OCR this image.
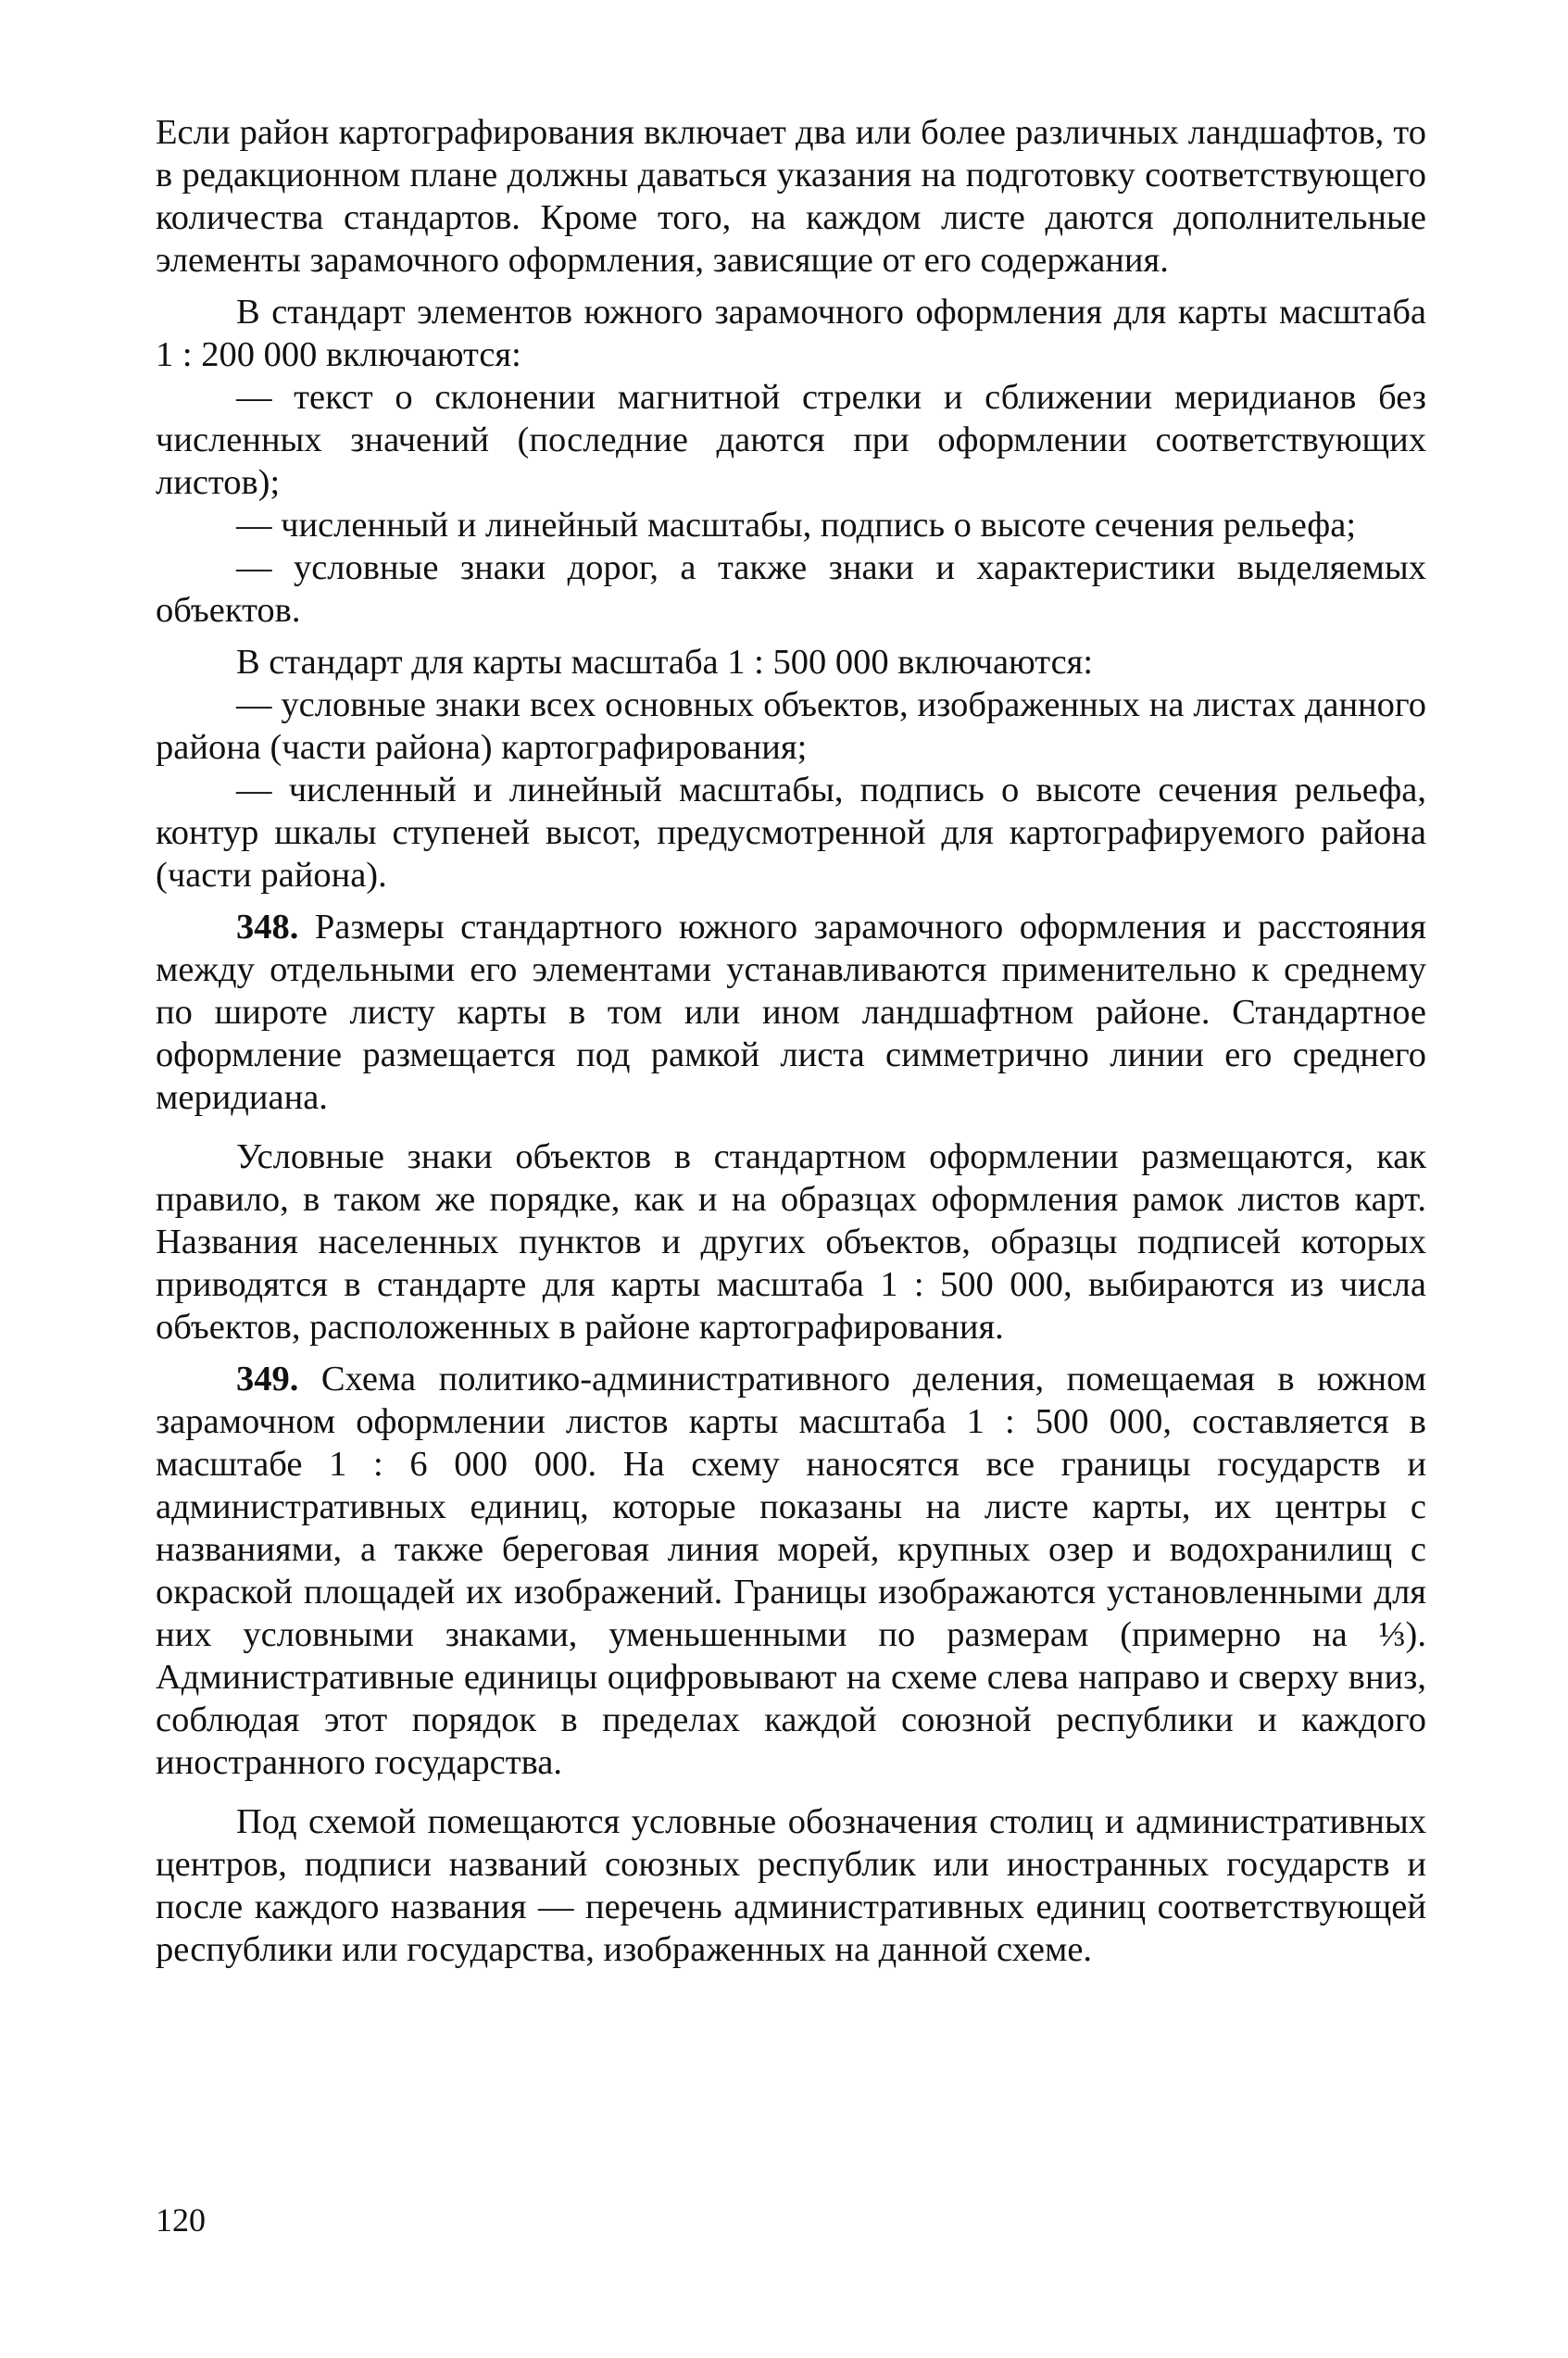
Если район картографирования включает два или более различных ландшафтов, то в редакционном плане должны даваться указания на подготовку соответствующего количества стандартов. Кроме того, на каждом листе даются дополнительные элементы зарамочного оформления, зависящие от его содержания.

В стандарт элементов южного зарамочного оформления для карты масштаба 1 : 200 000 включаются:

— текст о склонении магнитной стрелки и сближении меридианов без численных значений (последние даются при оформлении соответствующих листов);

— численный и линейный масштабы, подпись о высоте сечения рельефа;

— условные знаки дорог, а также знаки и характеристики выделяемых объектов.

В стандарт для карты масштаба 1 : 500 000 включаются:

— условные знаки всех основных объектов, изображенных на листах данного района (части района) картографирования;

— численный и линейный масштабы, подпись о высоте сечения рельефа, контур шкалы ступеней высот, предусмотренной для картографируемого района (части района).

348. Размеры стандартного южного зарамочного оформления и расстояния между отдельными его элементами устанавливаются применительно к среднему по широте листу карты в том или ином ландшафтном районе. Стандартное оформление размещается под рамкой листа симметрично линии его среднего меридиана.

Условные знаки объектов в стандартном оформлении размещаются, как правило, в таком же порядке, как и на образцах оформления рамок листов карт. Названия населенных пунктов и других объектов, образцы подписей которых приводятся в стандарте для карты масштаба 1 : 500 000, выбираются из числа объектов, расположенных в районе картографирования.

349. Схема политико-административного деления, помещаемая в южном зарамочном оформлении листов карты масштаба 1 : 500 000, составляется в масштабе 1 : 6 000 000. На схему наносятся все границы государств и административных единиц, которые показаны на листе карты, их центры с названиями, а также береговая линия морей, крупных озер и водохранилищ с окраской площадей их изображений. Границы изображаются установленными для них условными знаками, уменьшенными по размерам (примерно на ⅓). Административные единицы оцифровывают на схеме слева направо и сверху вниз, соблюдая этот порядок в пределах каждой союзной республики и каждого иностранного государства.

Под схемой помещаются условные обозначения столиц и административных центров, подписи названий союзных республик или иностранных государств и после каждого названия — перечень административных единиц соответствующей республики или государства, изображенных на данной схеме.

120
